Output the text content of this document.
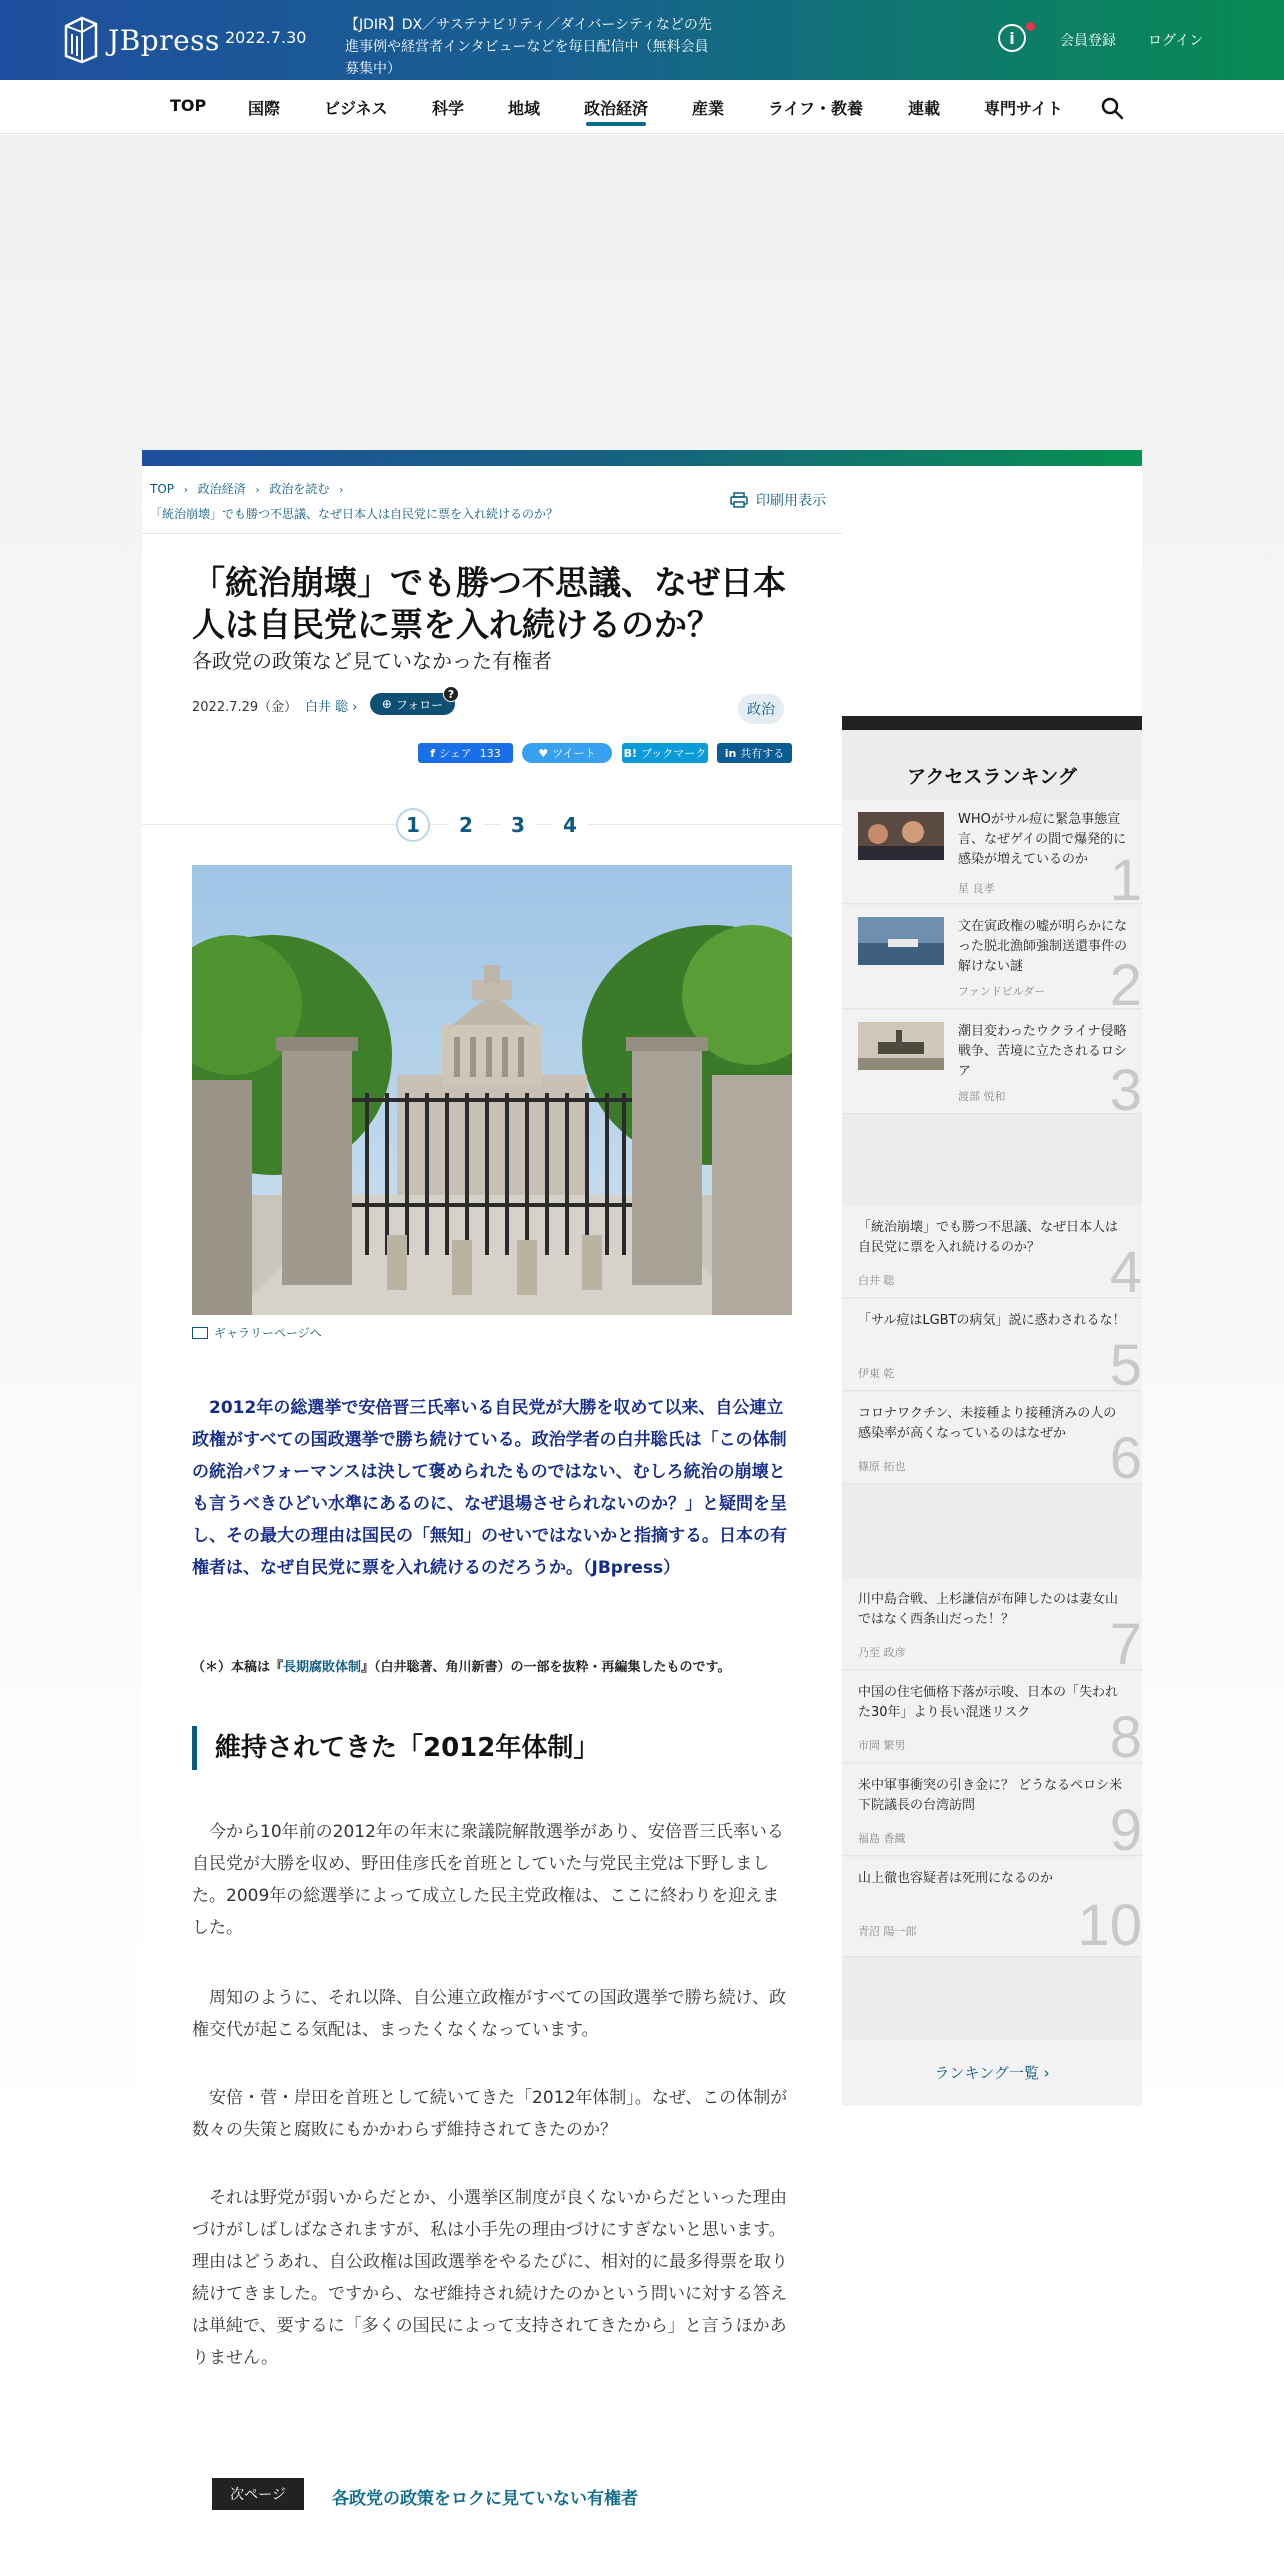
JBpress 2022.7.30
【JDIR】DX／サステナビリティ／ダイバーシティなどの先進事例や経営者インタビューなどを毎日配信中（無料会員募集中）
i	会員登録 ログイン
TOP	国際	ビジネス	科学	地域	政治経済	産業	ライフ・教養	連載	専門サイト
TOP › 政治経済 › 政治を読む ›
「統治崩壊」でも勝つ不思議、なぜ日本人は自民党に票を入れ続けるのか？
印刷用表示
「統治崩壊」でも勝つ不思議、なぜ日本人は自民党に票を入れ続けるのか？
各政党の政策など見ていなかった有権者
2022.7.29（金） 白井 聡 › ⊕ フォロー
?
政治
f シェア 133	♥ ツイート	B! ブックマーク in 共有する
1	2	3	4
ギャラリーページへ

2012年の総選挙で安倍晋三氏率いる自民党が大勝を収めて以来、自公連立政権がすべての国政選挙で勝ち続けている。政治学者の白井聡氏は「この体制の統治パフォーマンスは決して褒められたものではない、むしろ統治の崩壊とも言うべきひどい水準にあるのに、なぜ退場させられないのか？」と疑問を呈し、その最大の理由は国民の「無知」のせいではないかと指摘する。日本の有権者は、なぜ自民党に票を入れ続けるのだろうか。（JBpress）

（＊）本稿は『長期腐敗体制』（白井聡著、角川新書）の一部を抜粋・再編集したものです。

維持されてきた「2012年体制」

今から10年前の2012年の年末に衆議院解散選挙があり、安倍晋三氏率いる自民党が大勝を収め、野田佳彦氏を首班としていた与党民主党は下野しました。2009年の総選挙によって成立した民主党政権は、ここに終わりを迎えました。

周知のように、それ以降、自公連立政権がすべての国政選挙で勝ち続け、政権交代が起こる気配は、まったくなくなっています。

安倍・菅・岸田を首班として続いてきた「2012年体制」。なぜ、この体制が数々の失策と腐敗にもかかわらず維持されてきたのか？

それは野党が弱いからだとか、小選挙区制度が良くないからだといった理由づけがしばしばなされますが、私は小手先の理由づけにすぎないと思います。理由はどうあれ、自公政権は国政選挙をやるたびに、相対的に最多得票を取り続けてきました。ですから、なぜ維持され続けたのかという問いに対する答えは単純で、要するに「多くの国民によって支持されてきたから」と言うほかありません。

次ページ	各政党の政策をロクに見ていない有権者
アクセスランキング
WHOがサル痘に緊急事態宣言、なぜゲイの間で爆発的に感染が増えているのか
星 良孝 1
文在寅政権の嘘が明らかになった脱北漁師強制送還事件の解けない謎
ファンドビルダー 2
潮目変わったウクライナ侵略戦争、苦境に立たされるロシア
渡部 悦和 3
「統治崩壊」でも勝つ不思議、なぜ日本人は自民党に票を入れ続けるのか？
白井 聡	4
「サル痘はLGBTの病気」説に惑わされるな！
伊東 乾	5
コロナワクチン、未接種より接種済みの人の感染率が高くなっているのはなぜか
篠原 拓也	6
川中島合戦、上杉謙信が布陣したのは妻女山ではなく西条山だった！？
乃至 政彦	7
中国の住宅価格下落が示唆、日本の「失われた30年」より長い混迷リスク
市岡 繁男	8
米中軍事衝突の引き金に？ どうなるペロシ米下院議長の台湾訪問
福島 香織	9
山上徹也容疑者は死刑になるのか
青沼 陽一郎	10
ランキング一覧 ›
